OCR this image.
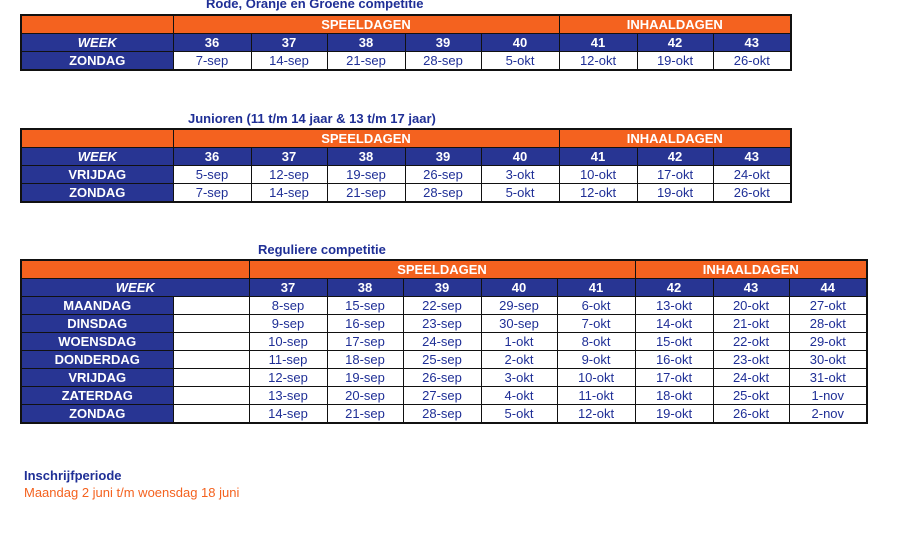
Rode, Oranje en Groene competitie
Junioren (11 t/m 14 jaar & 13 t/m 17 jaar)
Reguliere competitie
	SPEELDAGEN					INHAALDAGEN		
WEEK	36	37	38	39	40	41	42	43
ZONDAG	7-sep	14-sep	21-sep	28-sep	5-okt	12-okt	19-okt	26-okt
	SPEELDAGEN					INHAALDAGEN		
WEEK	36	37	38	39	40	41	42	43
VRIJDAG	5-sep	12-sep	19-sep	26-sep	3-okt	10-okt	17-okt	24-okt
ZONDAG	7-sep	14-sep	21-sep	28-sep	5-okt	12-okt	19-okt	26-okt
		SPEELDAGEN					INHAALDAGEN		
WEEK		37	38	39	40	41	42	43	44
MAANDAG		8-sep	15-sep	22-sep	29-sep	6-okt	13-okt	20-okt	27-okt
DINSDAG		9-sep	16-sep	23-sep	30-sep	7-okt	14-okt	21-okt	28-okt
WOENSDAG		10-sep	17-sep	24-sep	1-okt	8-okt	15-okt	22-okt	29-okt
DONDERDAG		11-sep	18-sep	25-sep	2-okt	9-okt	16-okt	23-okt	30-okt
VRIJDAG		12-sep	19-sep	26-sep	3-okt	10-okt	17-okt	24-okt	31-okt
ZATERDAG		13-sep	20-sep	27-sep	4-okt	11-okt	18-okt	25-okt	1-nov
ZONDAG		14-sep	21-sep	28-sep	5-okt	12-okt	19-okt	26-okt	2-nov
Inschrijfperiode
Maandag 2 juni t/m woensdag 18 juni
